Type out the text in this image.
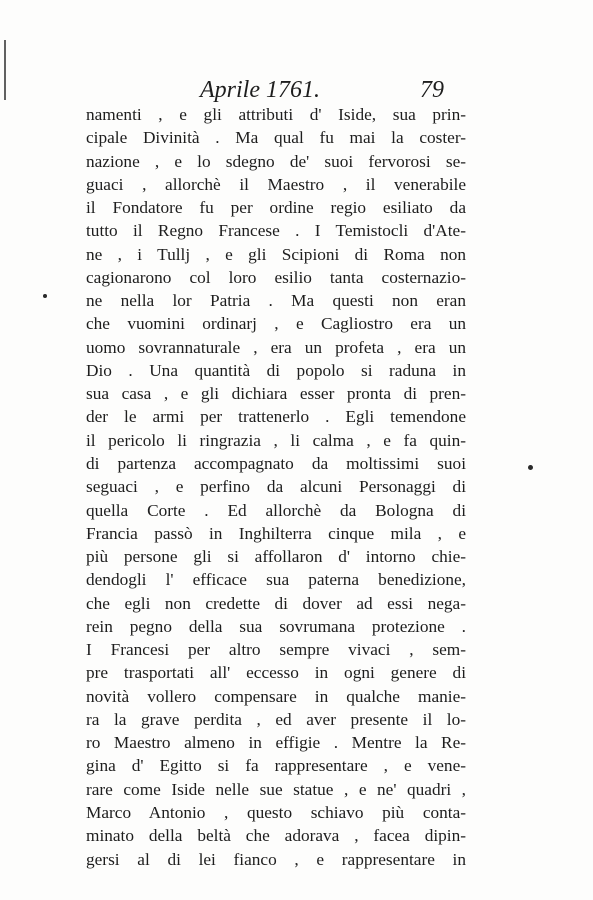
Aprile 1761.	79
namenti , e gli attributi d' Iside, sua prin-
cipale Divinità . Ma qual fu mai la coster-
nazione , e lo sdegno de' suoi fervorosi se-
guaci , allorchè il Maestro , il venerabile
il Fondatore fu per ordine regio esiliato da
tutto il Regno Francese . I Temistocli d'Ate-
ne , i Tullj , e gli Scipioni di Roma non
cagionarono col loro esilio tanta costernazio-
ne nella lor Patria . Ma questi non eran
che vuomini ordinarj , e Cagliostro era un
uomo sovrannaturale , era un profeta , era un
Dio . Una quantità di popolo si raduna in
sua casa , e gli dichiara esser pronta di pren-
der le armi per trattenerlo . Egli temendone
il pericolo li ringrazia , li calma , e fa quin-
di partenza accompagnato da moltissimi suoi
seguaci , e perfino da alcuni Personaggi di
quella Corte . Ed allorchè da Bologna di
Francia passò in Inghilterra cinque mila , e
più persone gli si affollaron d' intorno chie-
dendogli l' efficace sua paterna benedizione,
che egli non credette di dover ad essi nega-
rein pegno della sua sovrumana protezione .
I Francesi per altro sempre vivaci , sem-
pre trasportati all' eccesso in ogni genere di
novità vollero compensare in qualche manie-
ra la grave perdita , ed aver presente il lo-
ro Maestro almeno in effigie . Mentre la Re-
gina d' Egitto si fa rappresentare , e vene-
rare come Iside nelle sue statue , e ne' quadri ,
Marco Antonio , questo schiavo più conta-
minato della beltà che adorava , facea dipin-
gersi al di lei fianco , e rappresentare in
